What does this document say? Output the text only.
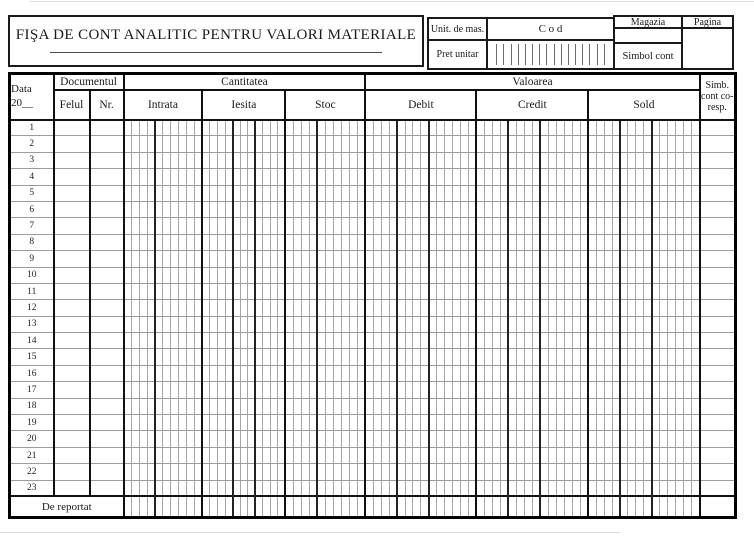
FIŞA DE CONT ANALITIC PENTRU VALORI MATERIALE	Unit. de mas.	C o d
Magazia	Pagina
Pret unitar	Simbol cont
Data
20__	Documentul	Cantitatea	Valoarea	Simb. cont co-resp.
Felul	Nr.	Intrata	Iesita	Stoc	Debit	Credit	Sold
1																																																																												
2																																																																												
3																																																																												
4																																																																												
5																																																																												
6																																																																												
7																																																																												
8																																																																												
9																																																																												
10																																																																												
11																																																																												
12																																																																												
13																																																																												
14																																																																												
15																																																																												
16																																																																												
17																																																																												
18																																																																												
19																																																																												
20																																																																												
21																																																																												
22																																																																												
23																																																																												
De reportat																																																																										
